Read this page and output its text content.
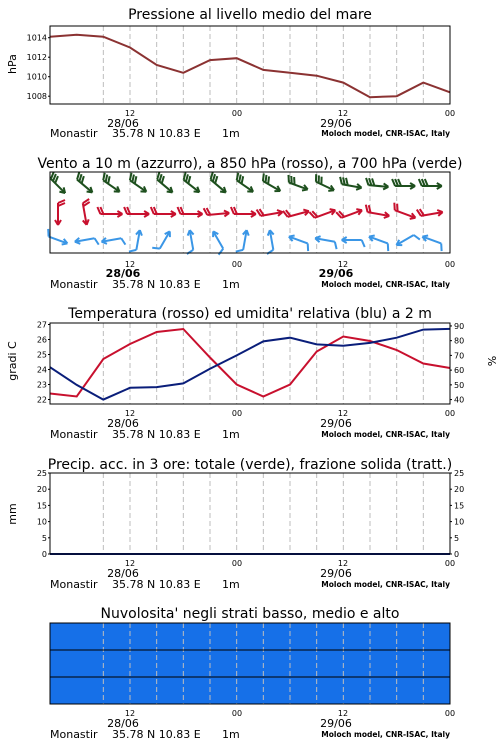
Pressione al livello medio del mare
hPa
1008
1010
1012
1014
12	00	12	00
28/06	29/06
Monastir 35.78 N 10.83 E 1m	Moloch model, CNR-ISAC, Italy
Vento a 10 m (azzurro), a 850 hPa (rosso), a 700 hPa (verde)
12	00	12	00
28/06	29/06
Monastir 35.78 N 10.83 E 1m	Moloch model, CNR-ISAC, Italy
Temperatura (rosso) ed umidita' relativa (blu) a 2 m
gradi C	%
22
23
24
25
26
27
40
50
60
70
80
90
12	00	12	00
28/06	29/06
Monastir 35.78 N 10.83 E 1m	Moloch model, CNR-ISAC, Italy
Precip. acc. in 3 ore: totale (verde), frazione solida (tratt.)
mm
0
5
10
15
20
25
0
5
10
15
20
25
12	00	12	00
28/06	29/06
Monastir 35.78 N 10.83 E 1m	Moloch model, CNR-ISAC, Italy
Nuvolosita' negli strati basso, medio e alto
12	00	12	00
28/06	29/06
Monastir 35.78 N 10.83 E 1m	Moloch model, CNR-ISAC, Italy
